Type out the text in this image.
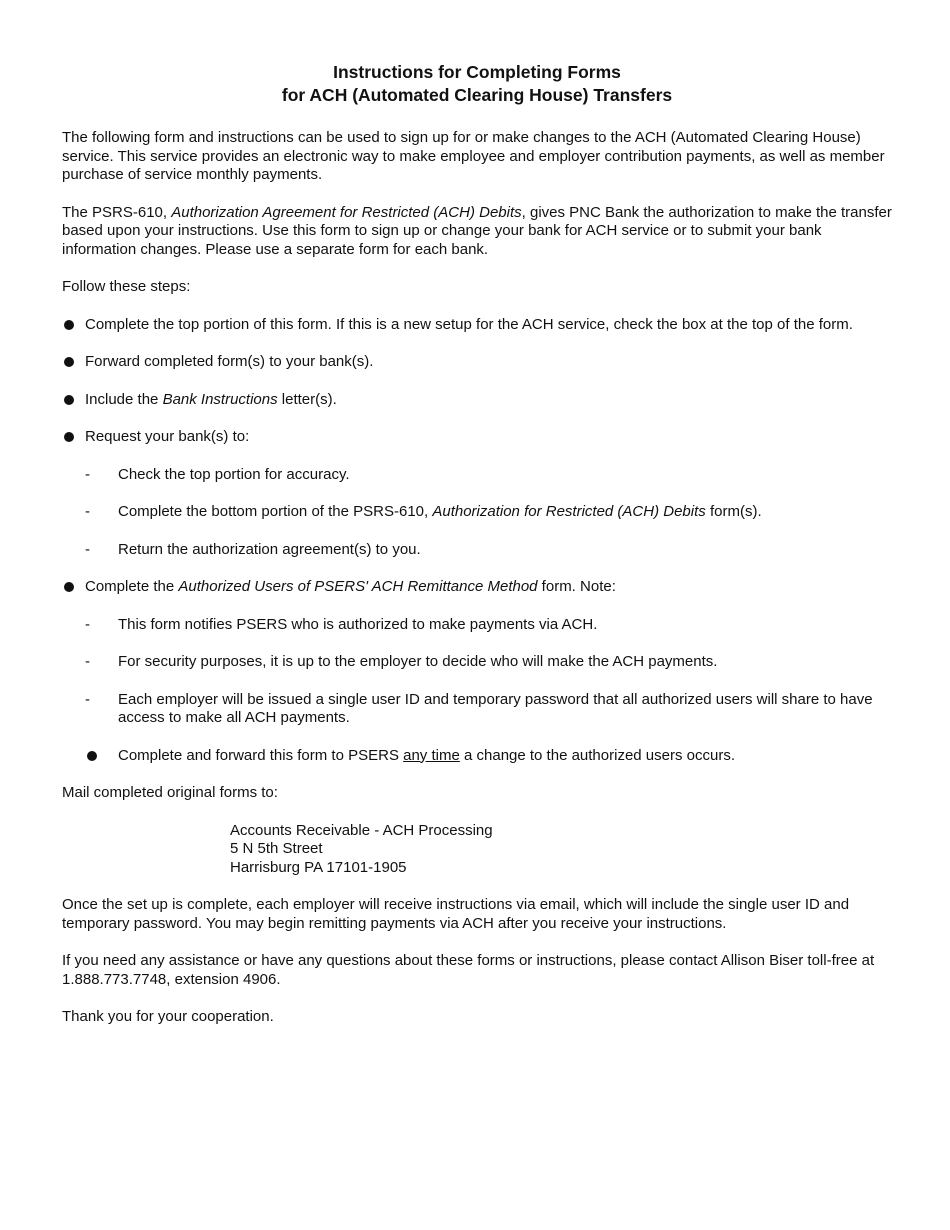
Instructions for Completing Forms
for ACH (Automated Clearing House) Transfers

The following form and instructions can be used to sign up for or make changes to the ACH (Automated Clearing House) service. This service provides an electronic way to make employee and employer contribution payments, as well as member purchase of service monthly payments.

The PSRS-610, Authorization Agreement for Restricted (ACH) Debits, gives PNC Bank the authorization to make the transfer based upon your instructions. Use this form to sign up or change your bank for ACH service or to submit your bank information changes. Please use a separate form for each bank.

Follow these steps:

Complete the top portion of this form. If this is a new setup for the ACH service, check the box at the top of the form.
Forward completed form(s) to your bank(s).
Include the Bank Instructions letter(s).
Request your bank(s) to:
- Check the top portion for accuracy.
- Complete the bottom portion of the PSRS-610, Authorization for Restricted (ACH) Debits form(s).
- Return the authorization agreement(s) to you.
Complete the Authorized Users of PSERS' ACH Remittance Method form. Note:
- This form notifies PSERS who is authorized to make payments via ACH.
- For security purposes, it is up to the employer to decide who will make the ACH payments.
- Each employer will be issued a single user ID and temporary password that all authorized users will share to have access to make all ACH payments.
Complete and forward this form to PSERS any time a change to the authorized users occurs.

Mail completed original forms to:

Accounts Receivable - ACH Processing
5 N 5th Street
Harrisburg PA 17101-1905

Once the set up is complete, each employer will receive instructions via email, which will include the single user ID and temporary password. You may begin remitting payments via ACH after you receive your instructions.

If you need any assistance or have any questions about these forms or instructions, please contact Allison Biser toll-free at 1.888.773.7748, extension 4906.

Thank you for your cooperation.
